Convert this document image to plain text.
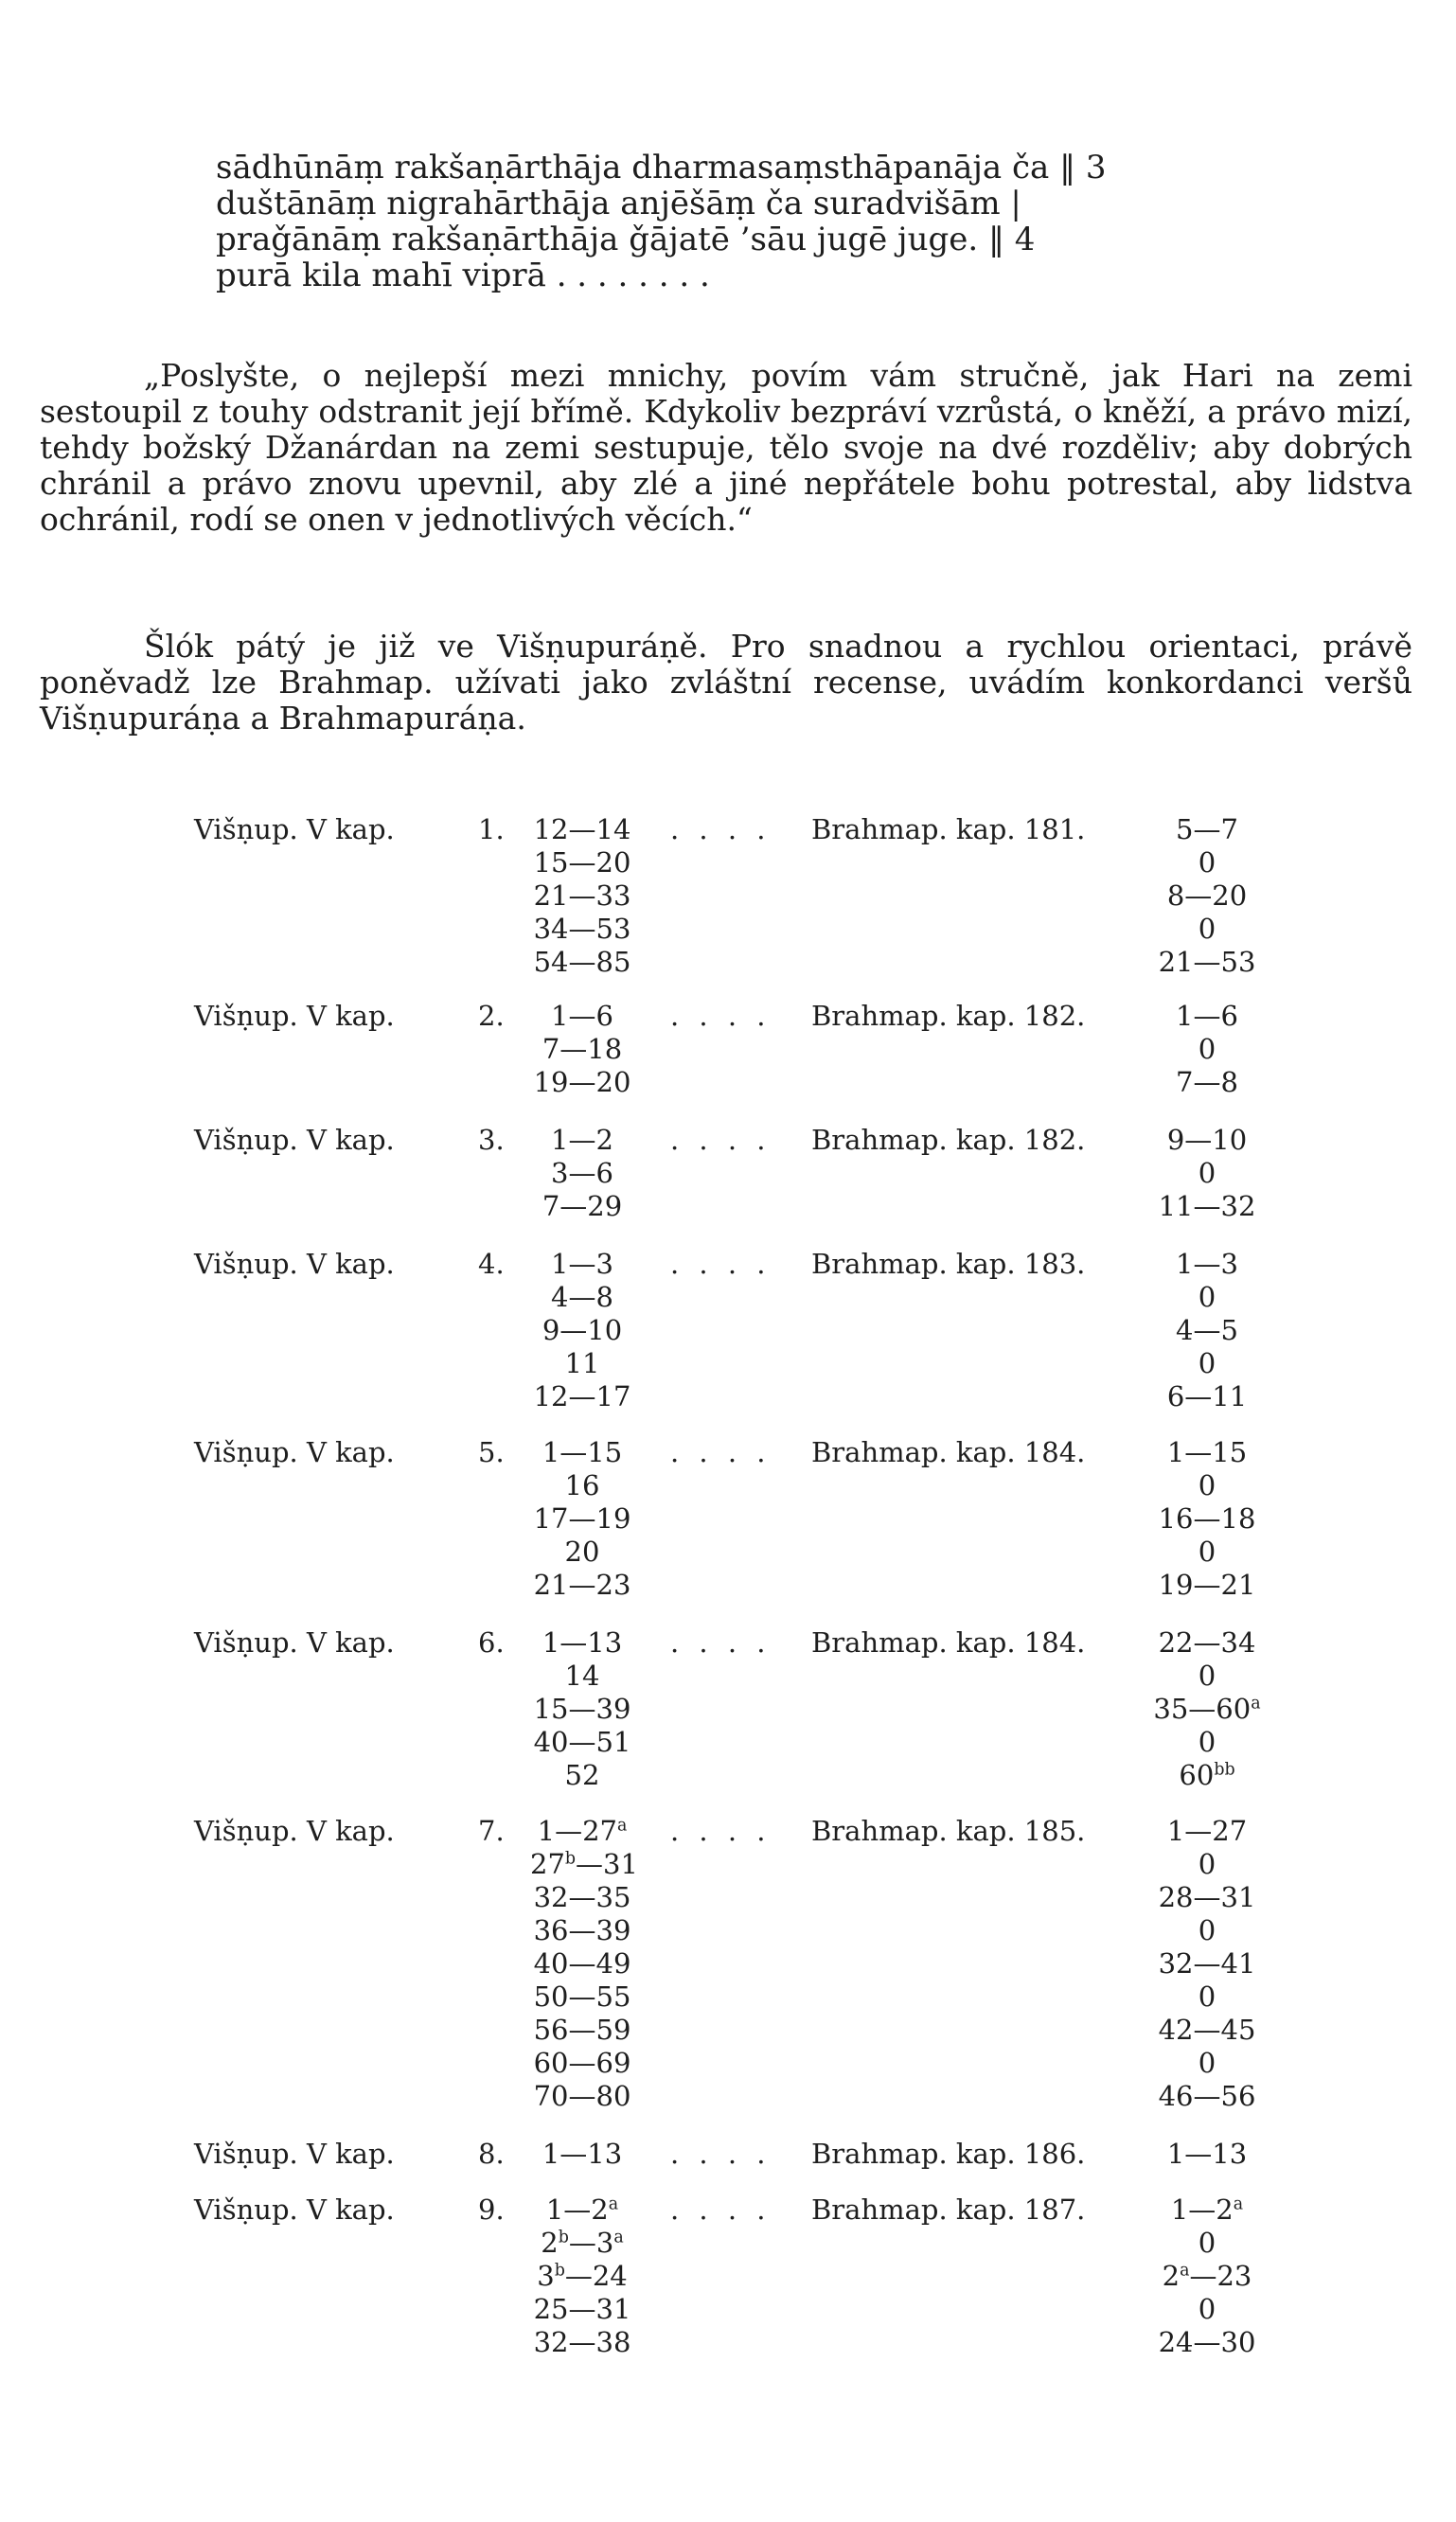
sādhūnāṃ rakšaṇārthāja dharmasaṃsthāpanāja ča ‖ 3
duštānāṃ nigrahārthāja anjēšāṃ ča suradvišām |
praǧānāṃ rakšaṇārthāja ǧājatē ’sāu jugē juge. ‖ 4
purā kila mahī viprā . . . . . . . .
„Poslyšte, o nejlepší mezi mnichy, povím vám stručně, jak Hari na zemi sestoupil z touhy odstranit její břímě. Kdykoliv bezpráví vzrůstá, o kněží, a právo mizí, tehdy božský Džanárdan na zemi sestupuje, tělo svoje na dvé rozděliv; aby dobrých chránil a právo znovu upevnil, aby zlé a jiné nepřátele bohu potrestal, aby lidstva ochránil, rodí se onen v jednotlivých věcích.“
Šlók pátý je již ve Višṇupuráṇě. Pro snadnou a rychlou orientaci, právě poněvadž lze Brahmap. užívati jako zvláštní recense, uvádím konkordanci veršů Višṇupuráṇa a Brahmapuráṇa.
Višṇup. V kap.	1. 12—14 . . . . Brahmap. kap. 181.	5—7
15—20	0
21—33	8—20
34—53	0
54—85	21—53
Višṇup. V kap.	2.	1—6	. . . . Brahmap. kap. 182.	1—6
7—18	0
19—20	7—8
Višṇup. V kap.	3.	1—2	. . . . Brahmap. kap. 182.	9—10
3—6	0
7—29	11—32
Višṇup. V kap.	4.	1—3	. . . . Brahmap. kap. 183.	1—3
4—8	0
9—10	4—5
11	0
12—17	6—11
Višṇup. V kap.	5.	1—15	. . . . Brahmap. kap. 184.	1—15
16	0
17—19	16—18
20	0
21—23	19—21
Višṇup. V kap.	6.	1—13	. . . . Brahmap. kap. 184.	22—34
14	0
15—39	35—60$^a$
40—51	0
52	$60^{bb}$
Višṇup. V kap.	7. 1—27$^a$ . . . . Brahmap. kap. 185.	1—27
27$^b$—31	0
32—35	28—31
36—39	0
40—49	32—41
50—55	0
56—59	42—45
60—69	0
70—80	46—56
Višṇup. V kap.	8.	1—13	. . . . Brahmap. kap. 186.	1—13
Višṇup. V kap.	9.	1—2$^a$	. . . . Brahmap. kap. 187.	1—2$^a$
2$^b$—3$^a$	0
3$^b$—24	2$^a$—23
25—31	0
32—38	24—30
